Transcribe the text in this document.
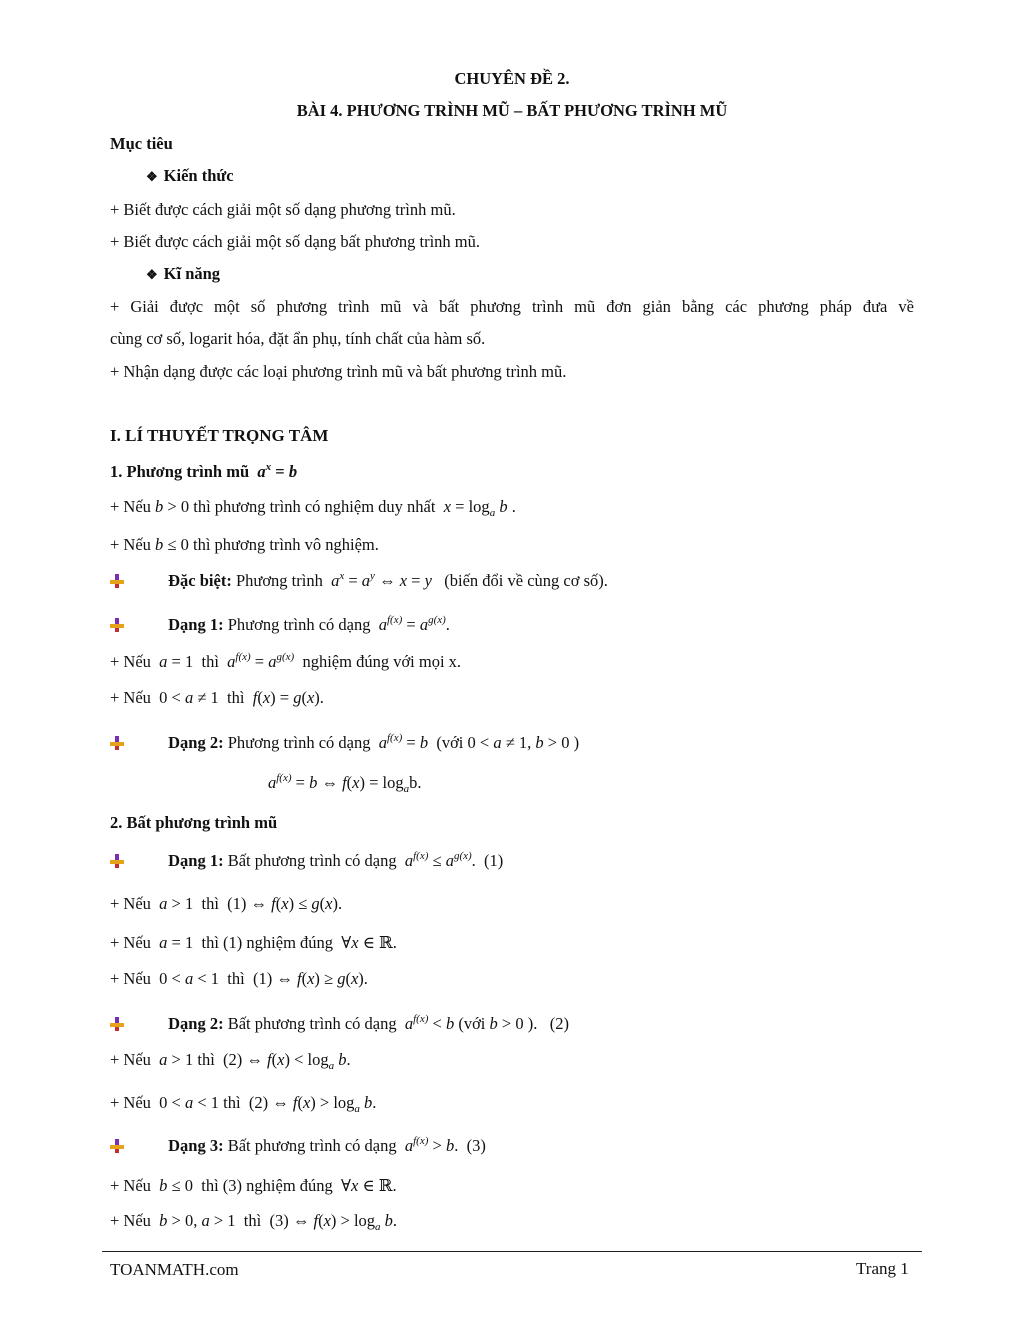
CHUYÊN ĐỀ 2.
BÀI 4. PHƯƠNG TRÌNH MŨ – BẤT PHƯƠNG TRÌNH MŨ
Mục tiêu
❖ Kiến thức
+ Biết được cách giải một số dạng phương trình mũ.
+ Biết được cách giải một số dạng bất phương trình mũ.
❖ Kĩ năng
+ Giải được một số phương trình mũ và bất phương trình mũ đơn giản bằng các phương pháp đưa về
cùng cơ số, logarit hóa, đặt ẩn phụ, tính chất của hàm số.
+ Nhận dạng được các loại phương trình mũ và bất phương trình mũ.
I. LÍ THUYẾT TRỌNG TÂM
1. Phương trình mũ $a^x = b$
+ Nếu b > 0 thì phương trình có nghiệm duy nhất $x = \log_a b$ .
+ Nếu b ≤ 0 thì phương trình vô nghiệm.
Đặc biệt: Phương trình $a^x = a^y$ ⇔ x = y (biến đổi về cùng cơ số).
Dạng 1: Phương trình có dạng $a^{f(x)} = a^{g(x)}$.
+ Nếu a = 1  thì $a^{f(x)} = a^{g(x)}$ nghiệm đúng với mọi x.
+ Nếu  0 < a ≠ 1  thì f(x) = g(x).
Dạng 2: Phương trình có dạng $a^{f(x)} = b$ (với 0 < a ≠ 1, b > 0 )
$a^{f(x)} = b$ ⇔ $f(x) = \log_ab$.
2. Bất phương trình mũ
Dạng 1: Bất phương trình có dạng $a^{f(x)} \le a^{g(x)}$.  (1)
+ Nếu a > 1  thì (1) ⇔ f(x) ≤ g(x).
+ Nếu a = 1  thì (1) nghiệm đúng  ∀x ∈ ℝ.
+ Nếu  0 < a < 1  thì (1) ⇔ f(x) ≥ g(x).
Dạng 2: Bất phương trình có dạng $a^{f(x)} < b$ (với b > 0 ).   (2)
+ Nếu a > 1 thì (2) ⇔ $f(x) < \log_a b$.
+ Nếu  0 < a < 1 thì (2) ⇔ $f(x) > \log_a b$.
Dạng 3: Bất phương trình có dạng $a^{f(x)} > b$.  (3)
+ Nếu b ≤ 0  thì (3) nghiệm đúng  ∀x ∈ ℝ.
+ Nếu b > 0, a > 1  thì (3) ⇔ $f(x) > \log_a b$.
TOANMATH.com	Trang 1
